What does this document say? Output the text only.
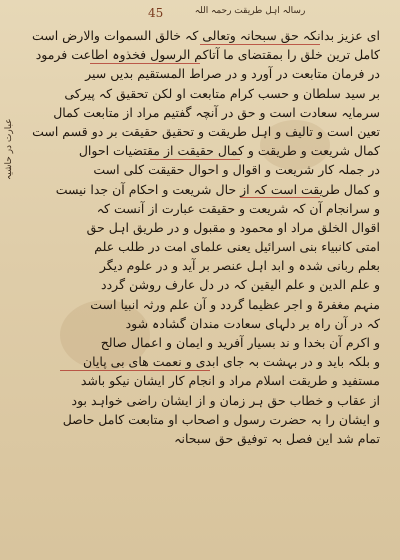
45	رسالہ اہل طریقت رحمہ اللہ
عبارت در حاشیہ
ای عزیز بدانکہ حق سبحانہ وتعالی کہ خالق السموات والارض است
کامل ترین خلق را بمقتضای ما آتاکم الرسول فخذوہ اطاعت فرمود
در فرمان متابعت در آورد و در صراط المستقیم بدیں سیر
بر سید سلطان و حسب کرام متابعت او لکن تحقیق کہ پیرکی
سرمایہ سعادت است و حق در آنچہ گفتیم مراد از متابعت کمال
تعین است و تالیف و اہل طریقت و تحقیق حقیقت بر دو قسم است
کمال شریعت و طریقت و کمال حقیقت از مقتضیات احوال
در جملہ کار شریعت و اقوال و احوال حقیقت کلی است
و کمال طریقت است کہ از حال شریعت و احکام آن جدا نیست
و سرانجام آن کہ شریعت و حقیقت عبارت از آنست کہ
اقوال الخلق مراد او محمود و مقبول و در طریق اہل حق
امتی کانبیاء بنی اسرائیل یعنی علمای امت در طلب علم
بعلم ربانی شدہ و ابد اہل عنصر بر آید و در علوم دیگر
و علم الدین و علم الیقین کہ در دل عارف روشن گردد
منہم مغفرۃ و اجر عظیما گردد و آن علم ورثہ انبیا است
کہ در آن راہ بر دلہای سعادت مندان گشادہ شود
و اکرم آن بخدا و ند بسیار آفرید و ایمان و اعمال صالح
و بلکہ باید و در بہشت بہ جای ابدی و نعمت های بی پایان
مستفید و طریقت اسلام مراد و انجام کار ایشان نیکو باشد
از عقاب و خطاب حق ہر زمان و از ایشان راضی خواہد بود
و ایشان را بہ حضرت رسول و اصحاب او متابعت کامل حاصل
تمام شد این فصل بہ توفیق حق سبحانہ
